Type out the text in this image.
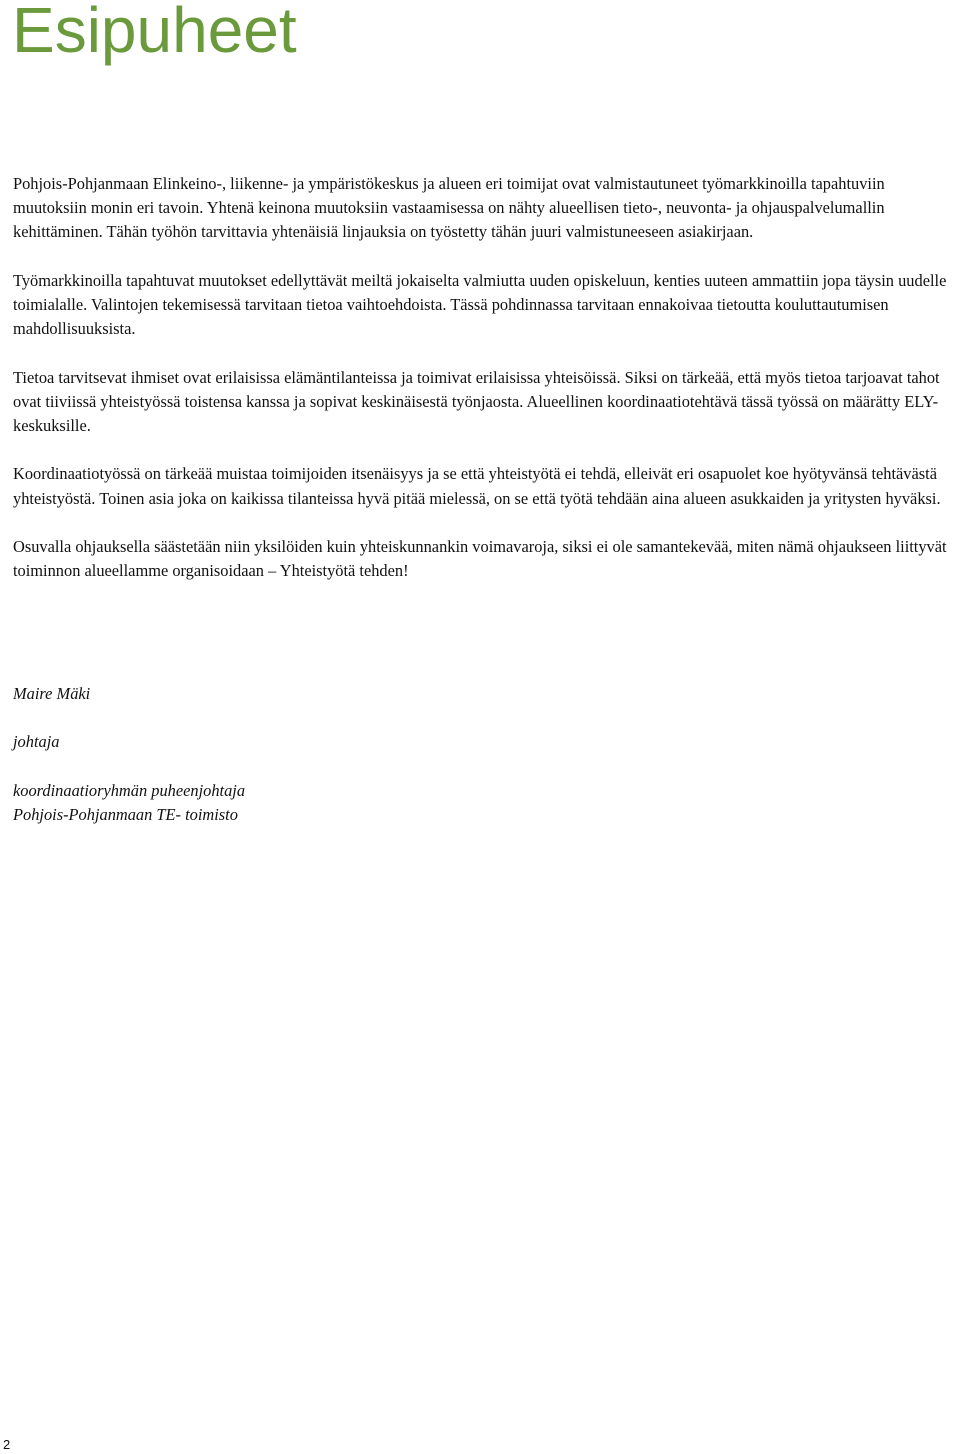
Esipuheet

Pohjois-Pohjanmaan Elinkeino-, liikenne- ja ympäristökeskus ja alueen eri toimijat ovat valmistautuneet työmarkkinoilla tapahtuviin muutoksiin monin eri tavoin. Yhtenä keinona muutoksiin vastaamisessa on nähty alueellisen tieto-, neuvonta- ja ohjauspalvelumallin kehittäminen. Tähän työhön tarvittavia yhtenäisiä linjauksia on työstetty tähän juuri valmistuneeseen asiakirjaan.

Työmarkkinoilla tapahtuvat muutokset edellyttävät meiltä jokaiselta valmiutta uuden opiskeluun, kenties uuteen ammattiin jopa täysin uudelle toimialalle. Valintojen tekemisessä tarvitaan tietoa vaihtoehdoista. Tässä pohdinnassa tarvitaan ennakoivaa tietoutta kouluttautumisen mahdollisuuksista.

Tietoa tarvitsevat ihmiset ovat erilaisissa elämäntilanteissa ja toimivat erilaisissa yhteisöissä. Siksi on tärkeää, että myös tietoa tarjoavat tahot ovat tiiviissä yhteistyössä toistensa kanssa ja sopivat keskinäisestä työnjaosta. Alueellinen koordinaatiotehtävä tässä työssä on määrätty ELY-keskuksille.

Koordinaatiotyössä on tärkeää muistaa toimijoiden itsenäisyys ja se että yhteistyötä ei tehdä, elleivät eri osapuolet koe hyötyvänsä tehtävästä yhteistyöstä. Toinen asia joka on kaikissa tilanteissa hyvä pitää mielessä, on se että työtä tehdään aina alueen asukkaiden ja yritysten hyväksi.

Osuvalla ohjauksella säästetään niin yksilöiden kuin yhteiskunnankin voimavaroja, siksi ei ole samantekevää, miten nämä ohjaukseen liittyvät toiminnon alueellamme organisoidaan – Yhteistyötä tehden!

Maire Mäki

johtaja

koordinaatioryhmän puheenjohtaja

Pohjois-Pohjanmaan TE- toimisto

2
